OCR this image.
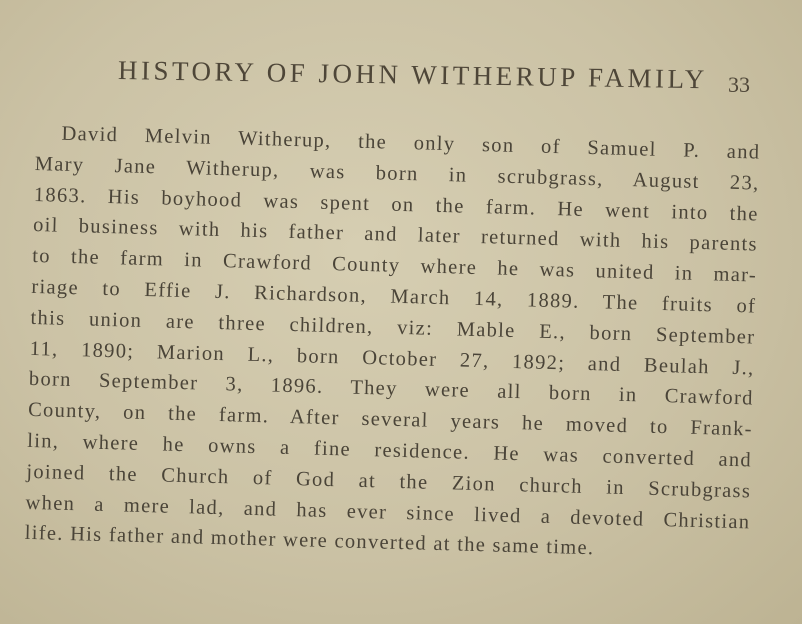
HISTORY OF JOHN WITHERUP FAMILY 33
David Melvin Witherup, the only son of Samuel P. and
Mary Jane Witherup, was born in scrubgrass, August 23,
1863. His boyhood was spent on the farm. He went into the
oil business with his father and later returned with his parents
to the farm in Crawford County where he was united in mar-
riage to Effie J. Richardson, March 14, 1889. The fruits of
this union are three children, viz: Mable E., born September
11, 1890; Marion L., born October 27, 1892; and Beulah J.,
born September 3, 1896. They were all born in Crawford
County, on the farm. After several years he moved to Frank-
lin, where he owns a fine residence. He was converted and
joined the Church of God at the Zion church in Scrubgrass
when a mere lad, and has ever since lived a devoted Christian
life. His father and mother were converted at the same time.
